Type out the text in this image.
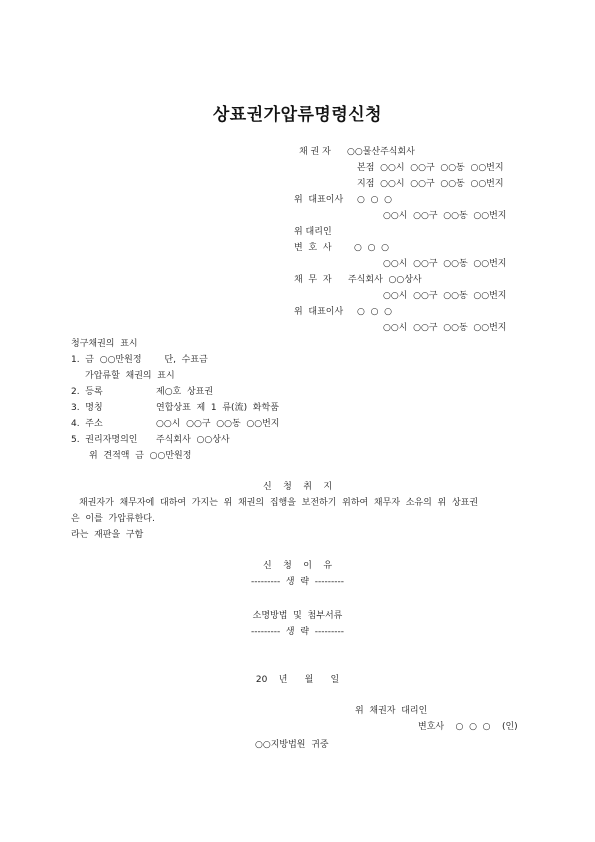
상표권가압류명령신청
채 권 자 ○○물산주식회사
본점  ○○시  ○○구  ○○동  ○○번지
지점  ○○시  ○○구  ○○동  ○○번지
위  대표이사 ○  ○  ○
○○시  ○○구  ○○동  ○○번지
위 대리인
변  호  사 ○  ○  ○
○○시  ○○구  ○○동  ○○번지
채  무  자 주식회사  ○○상사
○○시  ○○구  ○○동  ○○번지
위  대표이사 ○  ○  ○
○○시  ○○구  ○○동  ○○번지
청구채권의  표시
1.  금  ○○만원정        단,  수표금
가압류할  채권의  표시
2.  등록	제○호  상표권
3.  명칭	연합상표  제  1  류(流)  화학품
4.  주소	○○시  ○○구  ○○동  ○○번지
5.  권리자명의인 주식회사  ○○상사
위  견적액  금  ○○만원정
신    청    취    지
채권자가  채무자에  대하여  가지는  위  채권의  집행을  보전하기  위하여  채무자  소유의  위  상표권
은  이를  가압류한다.
라는  재판을  구함
신    청    이    유
---------  생  략  ---------
소명방법  및  첨부서류
---------  생  략  ---------
20    년      월      일
위  채권자  대리인
변호사    ○  ○  ○    (인)
○○지방법원  귀중
